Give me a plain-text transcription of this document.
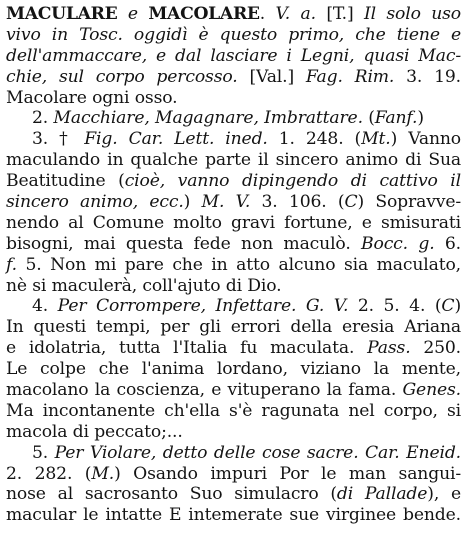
MACULARE e MACOLARE. V. a. [T.] Il solo uso
vivo in Tosc. oggidì è questo primo, che tiene e
dell'ammaccare, e dal lasciare i Legni, quasi Mac-
chie, sul corpo percosso. [Val.] Fag. Rim. 3. 19.
Macolare ogni osso.
2. Macchiare, Magagnare, Imbrattare. (Fanf.)
3. † Fig. Car. Lett. ined. 1. 248. (Mt.) Vanno
maculando in qualche parte il sincero animo di Sua
Beatitudine (cioè, vanno dipingendo di cattivo il
sincero animo, ecc.) M. V. 3. 106. (C) Sopravve-
nendo al Comune molto gravi fortune, e smisurati
bisogni, mai questa fede non maculò. Bocc. g. 6.
f. 5. Non mi pare che in atto alcuno sia maculato,
nè si maculerà, coll'ajuto di Dio.
4. Per Corrompere, Infettare. G. V. 2. 5. 4. (C)
In questi tempi, per gli errori della eresia Ariana
e idolatria, tutta l'Italia fu maculata. Pass. 250.
Le colpe che l'anima lordano, viziano la mente,
macolano la coscienza, e vituperano la fama. Genes.
Ma incontanente ch'ella s'è ragunata nel corpo, si
macola di peccato;...
5. Per Violare, detto delle cose sacre. Car. Eneid.
2. 282. (M.) Osando impuri Por le man sangui-
nose al sacrosanto Suo simulacro (di Pallade), e
macular le intatte E intemerate sue virginee bende.
